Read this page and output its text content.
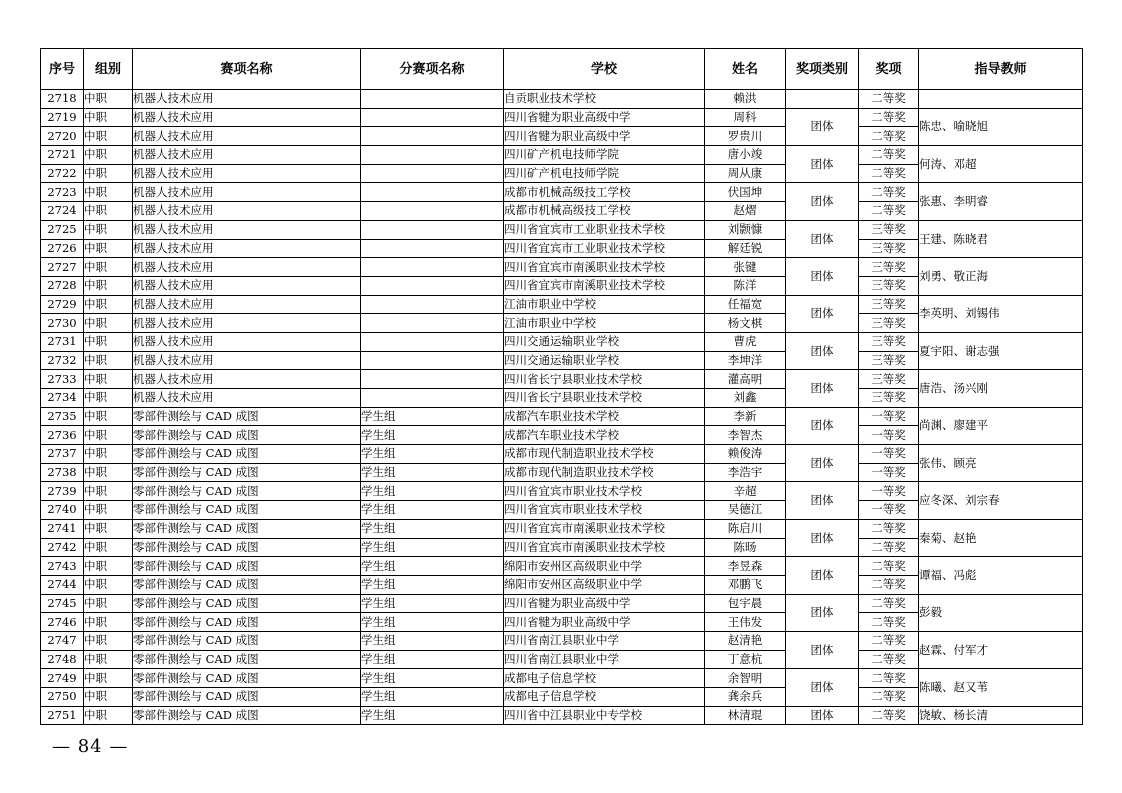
序号	组别	赛项名称	分赛项名称	学校	姓名	奖项类别	奖项	指导教师
2718	中职	机器人技术应用		自贡职业技术学校	赖洪		二等奖	
2719	中职	机器人技术应用		四川省犍为职业高级中学	周科	团体	二等奖	陈忠、喻晓旭
2720	中职	机器人技术应用		四川省犍为职业高级中学	罗贵川		二等奖	
2721	中职	机器人技术应用		四川矿产机电技师学院	唐小竣	团体	二等奖	何涛、邓超
2722	中职	机器人技术应用		四川矿产机电技师学院	周从康		二等奖	
2723	中职	机器人技术应用		成都市机械高级技工学校	伏国坤	团体	二等奖	张惠、李明睿
2724	中职	机器人技术应用		成都市机械高级技工学校	赵熠		二等奖	
2725	中职	机器人技术应用		四川省宜宾市工业职业技术学校	刘颢慷	团体	三等奖	王建、陈晓君
2726	中职	机器人技术应用		四川省宜宾市工业职业技术学校	解廷锐		三等奖	
2727	中职	机器人技术应用		四川省宜宾市南溪职业技术学校	张键	团体	三等奖	刘勇、敬正海
2728	中职	机器人技术应用		四川省宜宾市南溪职业技术学校	陈洋		三等奖	
2729	中职	机器人技术应用		江油市职业中学校	任福宽	团体	三等奖	李英明、刘锡伟
2730	中职	机器人技术应用		江油市职业中学校	杨文棋		三等奖	
2731	中职	机器人技术应用		四川交通运输职业学校	曹虎	团体	三等奖	夏宇阳、谢志强
2732	中职	机器人技术应用		四川交通运输职业学校	李坤洋		三等奖	
2733	中职	机器人技术应用		四川省长宁县职业技术学校	灌高明	团体	三等奖	唐浩、汤兴刚
2734	中职	机器人技术应用		四川省长宁县职业技术学校	刘鑫		三等奖	
2735	中职	零部件测绘与 CAD 成图	学生组	成都汽车职业技术学校	李新	团体	一等奖	尚渊、廖建平
2736	中职	零部件测绘与 CAD 成图	学生组	成都汽车职业技术学校	李智杰		一等奖	
2737	中职	零部件测绘与 CAD 成图	学生组	成都市现代制造职业技术学校	赖俊涛	团体	一等奖	张伟、顾亮
2738	中职	零部件测绘与 CAD 成图	学生组	成都市现代制造职业技术学校	李浩宇		一等奖	
2739	中职	零部件测绘与 CAD 成图	学生组	四川省宜宾市职业技术学校	辛超	团体	一等奖	应冬深、刘宗春
2740	中职	零部件测绘与 CAD 成图	学生组	四川省宜宾市职业技术学校	吴德江		一等奖	
2741	中职	零部件测绘与 CAD 成图	学生组	四川省宜宾市南溪职业技术学校	陈启川	团体	二等奖	秦菊、赵艳
2742	中职	零部件测绘与 CAD 成图	学生组	四川省宜宾市南溪职业技术学校	陈旸		二等奖	
2743	中职	零部件测绘与 CAD 成图	学生组	绵阳市安州区高级职业中学	李昱森	团体	二等奖	谭福、冯彪
2744	中职	零部件测绘与 CAD 成图	学生组	绵阳市安州区高级职业中学	邓鹏飞		二等奖	
2745	中职	零部件测绘与 CAD 成图	学生组	四川省犍为职业高级中学	包宇晨	团体	二等奖	彭毅
2746	中职	零部件测绘与 CAD 成图	学生组	四川省犍为职业高级中学	王伟发		二等奖	
2747	中职	零部件测绘与 CAD 成图	学生组	四川省南江县职业中学	赵清艳	团体	二等奖	赵霖、付军才
2748	中职	零部件测绘与 CAD 成图	学生组	四川省南江县职业中学	丁意杭		二等奖	
2749	中职	零部件测绘与 CAD 成图	学生组	成都电子信息学校	余智明	团体	二等奖	陈曦、赵又苇
2750	中职	零部件测绘与 CAD 成图	学生组	成都电子信息学校	龚余兵		二等奖	
2751	中职	零部件测绘与 CAD 成图	学生组	四川省中江县职业中专学校	林清琨	团体	二等奖	饶敏、杨长清
— 84 —
